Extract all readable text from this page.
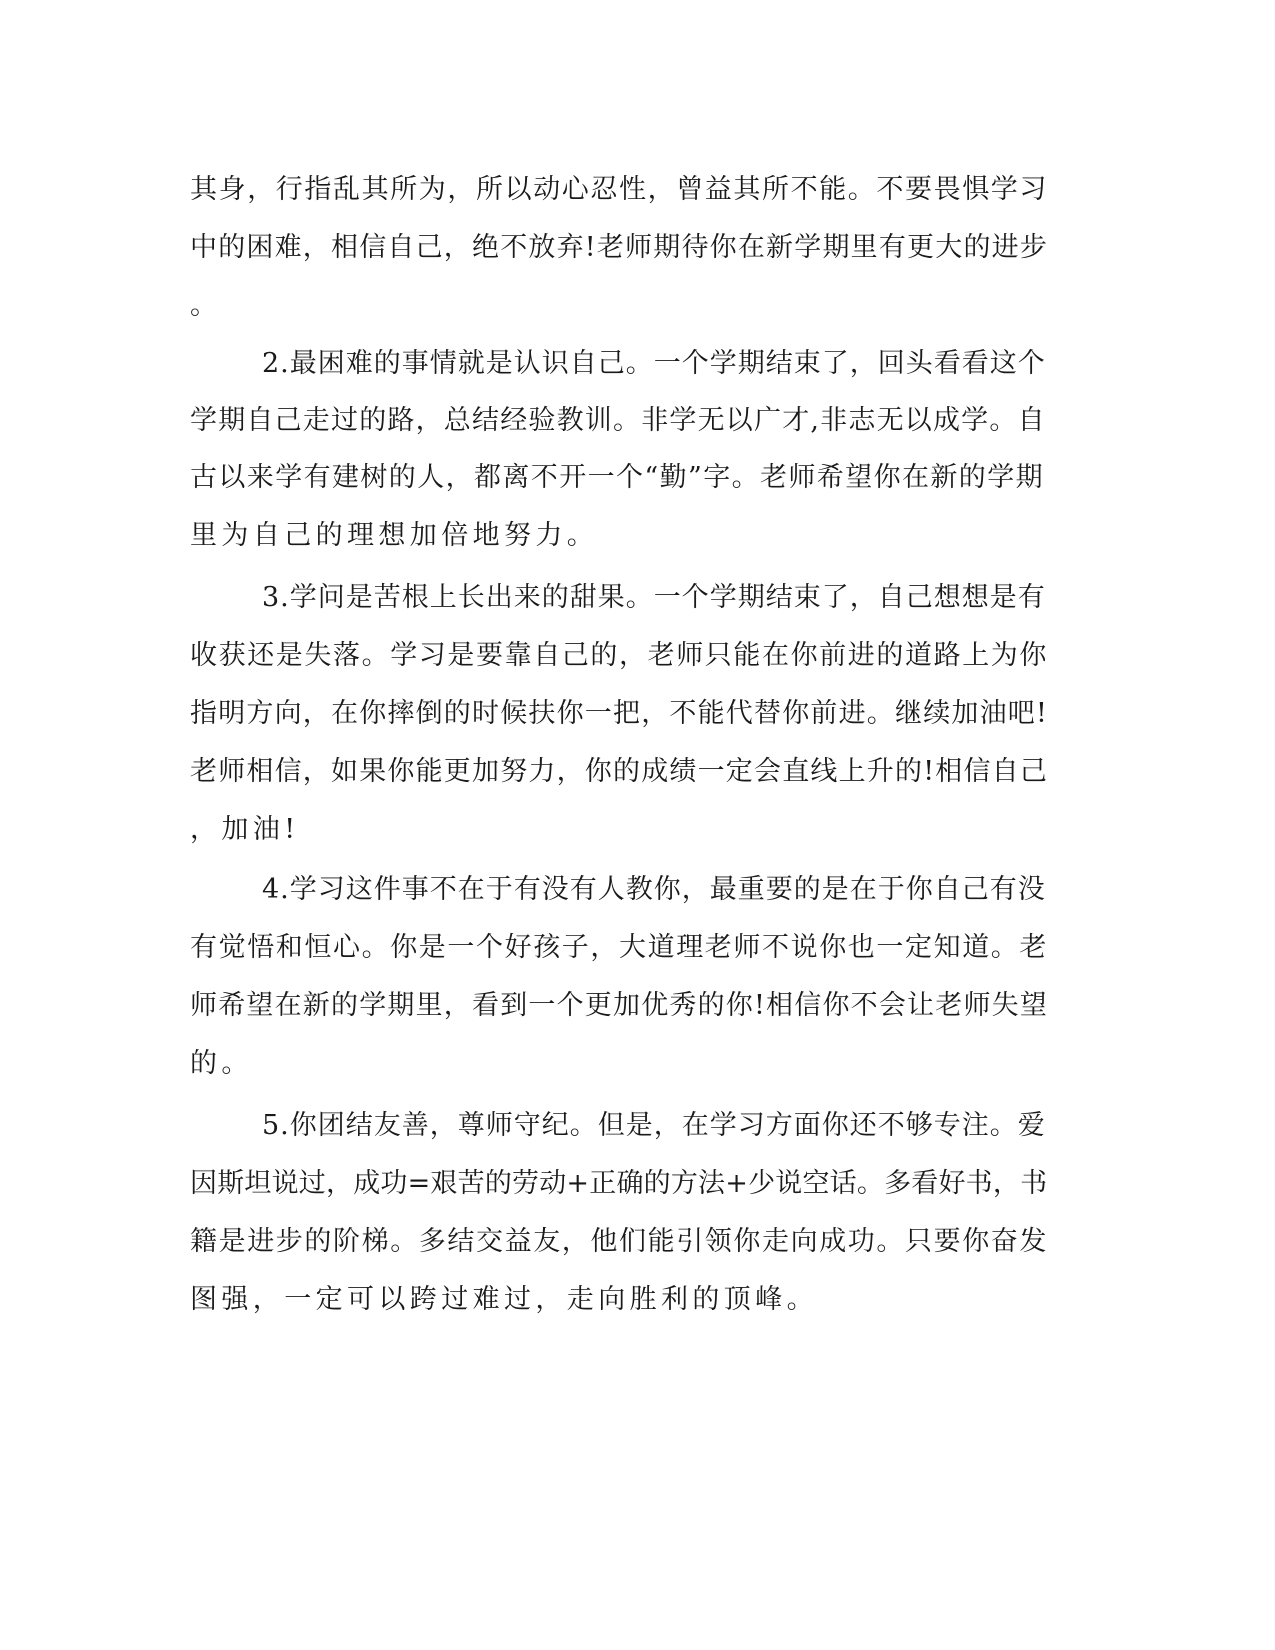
其身，行指乱其所为，所以动心忍性，曾益其所不能。不要畏惧学习

中的困难，相信自己，绝不放弃!老师期待你在新学期里有更大的进步

。

2.最困难的事情就是认识自己。一个学期结束了，回头看看这个

学期自己走过的路，总结经验教训。非学无以广才,非志无以成学。自

古以来学有建树的人，都离不开一个“勤”字。老师希望你在新的学期

里为自己的理想加倍地努力。

3.学问是苦根上长出来的甜果。一个学期结束了，自己想想是有

收获还是失落。学习是要靠自己的，老师只能在你前进的道路上为你

指明方向，在你摔倒的时候扶你一把，不能代替你前进。继续加油吧!

老师相信，如果你能更加努力，你的成绩一定会直线上升的!相信自己

，加油!

4.学习这件事不在于有没有人教你，最重要的是在于你自己有没

有觉悟和恒心。你是一个好孩子，大道理老师不说你也一定知道。老

师希望在新的学期里，看到一个更加优秀的你!相信你不会让老师失望

的。

5.你团结友善，尊师守纪。但是，在学习方面你还不够专注。爱

因斯坦说过，成功=艰苦的劳动+正确的方法+少说空话。多看好书，书

籍是进步的阶梯。多结交益友，他们能引领你走向成功。只要你奋发

图强，一定可以跨过难过，走向胜利的顶峰。
